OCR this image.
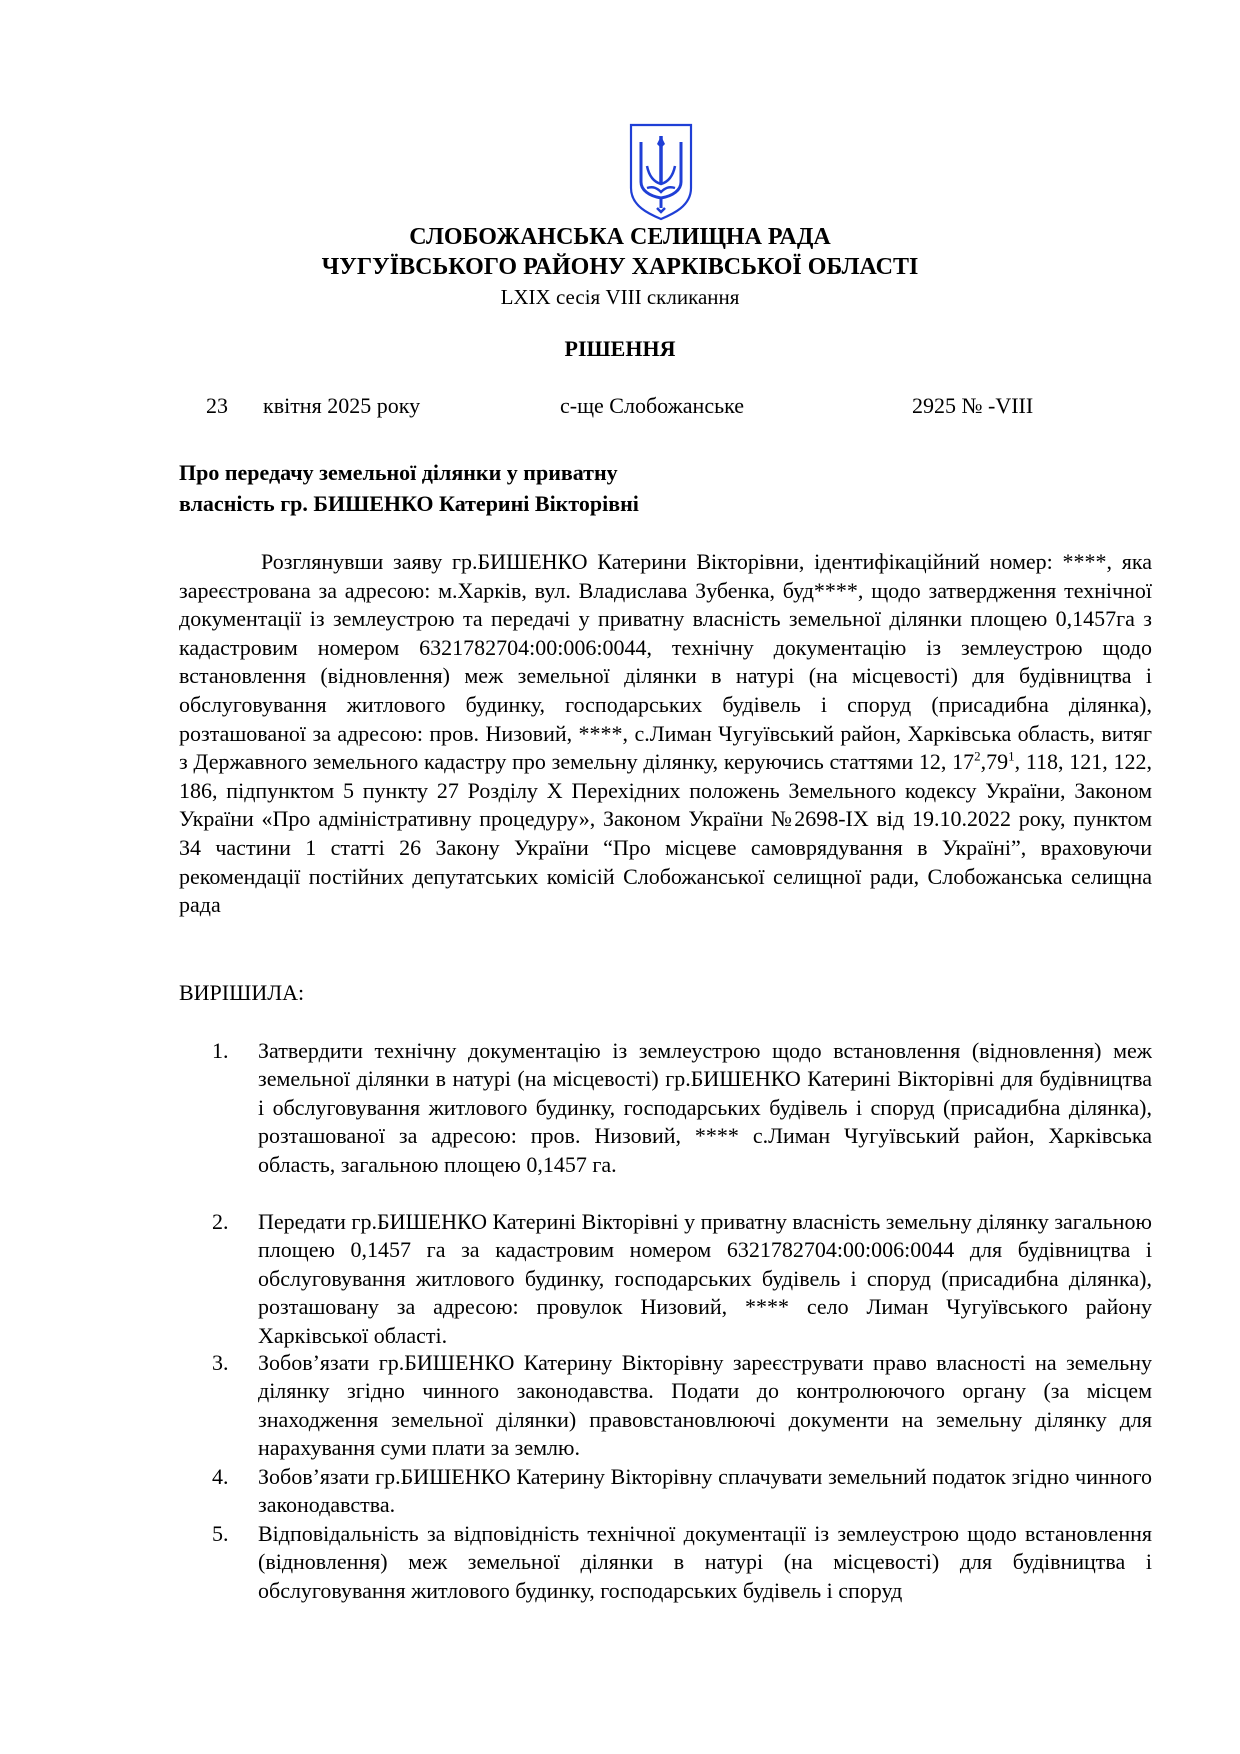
СЛОБОЖАНСЬКА СЕЛИЩНА РАДА
ЧУГУЇВСЬКОГО РАЙОНУ ХАРКІВСЬКОЇ ОБЛАСТІ
LXIX сесія VIII скликання
РІШЕННЯ
23 квітня 2025 року	с-ще Слобожанське	2925 № -VIII
Про передачу земельної ділянки у приватну
власність гр. БИШЕНКО Катерині Вікторівні
Розглянувши заяву гр.БИШЕНКО Катерини Вікторівни, ідентифікаційний номер: ****, яка зареєстрована за адресою: м.Харків, вул. Владислава Зубенка, буд****, щодо затвердження технічної документації із землеустрою та передачі у приватну власність земельної ділянки площею 0,1457га з кадастровим номером 6321782704:00:006:0044, технічну документацію із землеустрою щодо встановлення (відновлення) меж земельної ділянки в натурі (на місцевості) для будівництва і обслуговування житлового будинку, господарських будівель і споруд (присадибна ділянка), розташованої за адресою: пров. Низовий, ****, с.Лиман Чугуївський район, Харківська область, витяг з Державного земельного кадастру про земельну ділянку, керуючись статтями 12, $17^2,79^1$, 118, 121, 122, 186, підпунктом 5 пункту 27 Розділу X Перехідних положень Земельного кодексу України, Законом України «Про адміністративну процедуру», Законом України №2698-IX від 19.10.2022 року, пунктом 34 частини 1 статті 26 Закону України “Про місцеве самоврядування в Україні”, враховуючи рекомендації постійних депутатських комісій Слобожанської селищної ради, Слобожанська селищна рада
ВИРІШИЛА:
1. Затвердити технічну документацію із землеустрою щодо встановлення (відновлення) меж земельної ділянки в натурі (на місцевості) гр.БИШЕНКО Катерині Вікторівні для будівництва і обслуговування житлового будинку, господарських будівель і споруд (присадибна ділянка), розташованої за адресою: пров. Низовий, **** с.Лиман Чугуївський район, Харківська область, загальною площею 0,1457 га.
2. Передати гр.БИШЕНКО Катерині Вікторівні у приватну власність земельну ділянку загальною площею 0,1457 га за кадастровим номером 6321782704:00:006:0044 для будівництва і обслуговування житлового будинку, господарських будівель і споруд (присадибна ділянка), розташовану за адресою: провулок Низовий, **** село Лиман Чугуївського району Харківської області.
3. Зобов’язати гр.БИШЕНКО Катерину Вікторівну зареєструвати право власності на земельну ділянку згідно чинного законодавства. Подати до контролюючого органу (за місцем знаходження земельної ділянки) правовстановлюючі документи на земельну ділянку для нарахування суми плати за землю.
4. Зобов’язати гр.БИШЕНКО Катерину Вікторівну сплачувати земельний податок згідно чинного законодавства.
5. Відповідальність за відповідність технічної документації із землеустрою щодо встановлення (відновлення) меж земельної ділянки в натурі (на місцевості) для будівництва і обслуговування житлового будинку, господарських будівель і споруд
